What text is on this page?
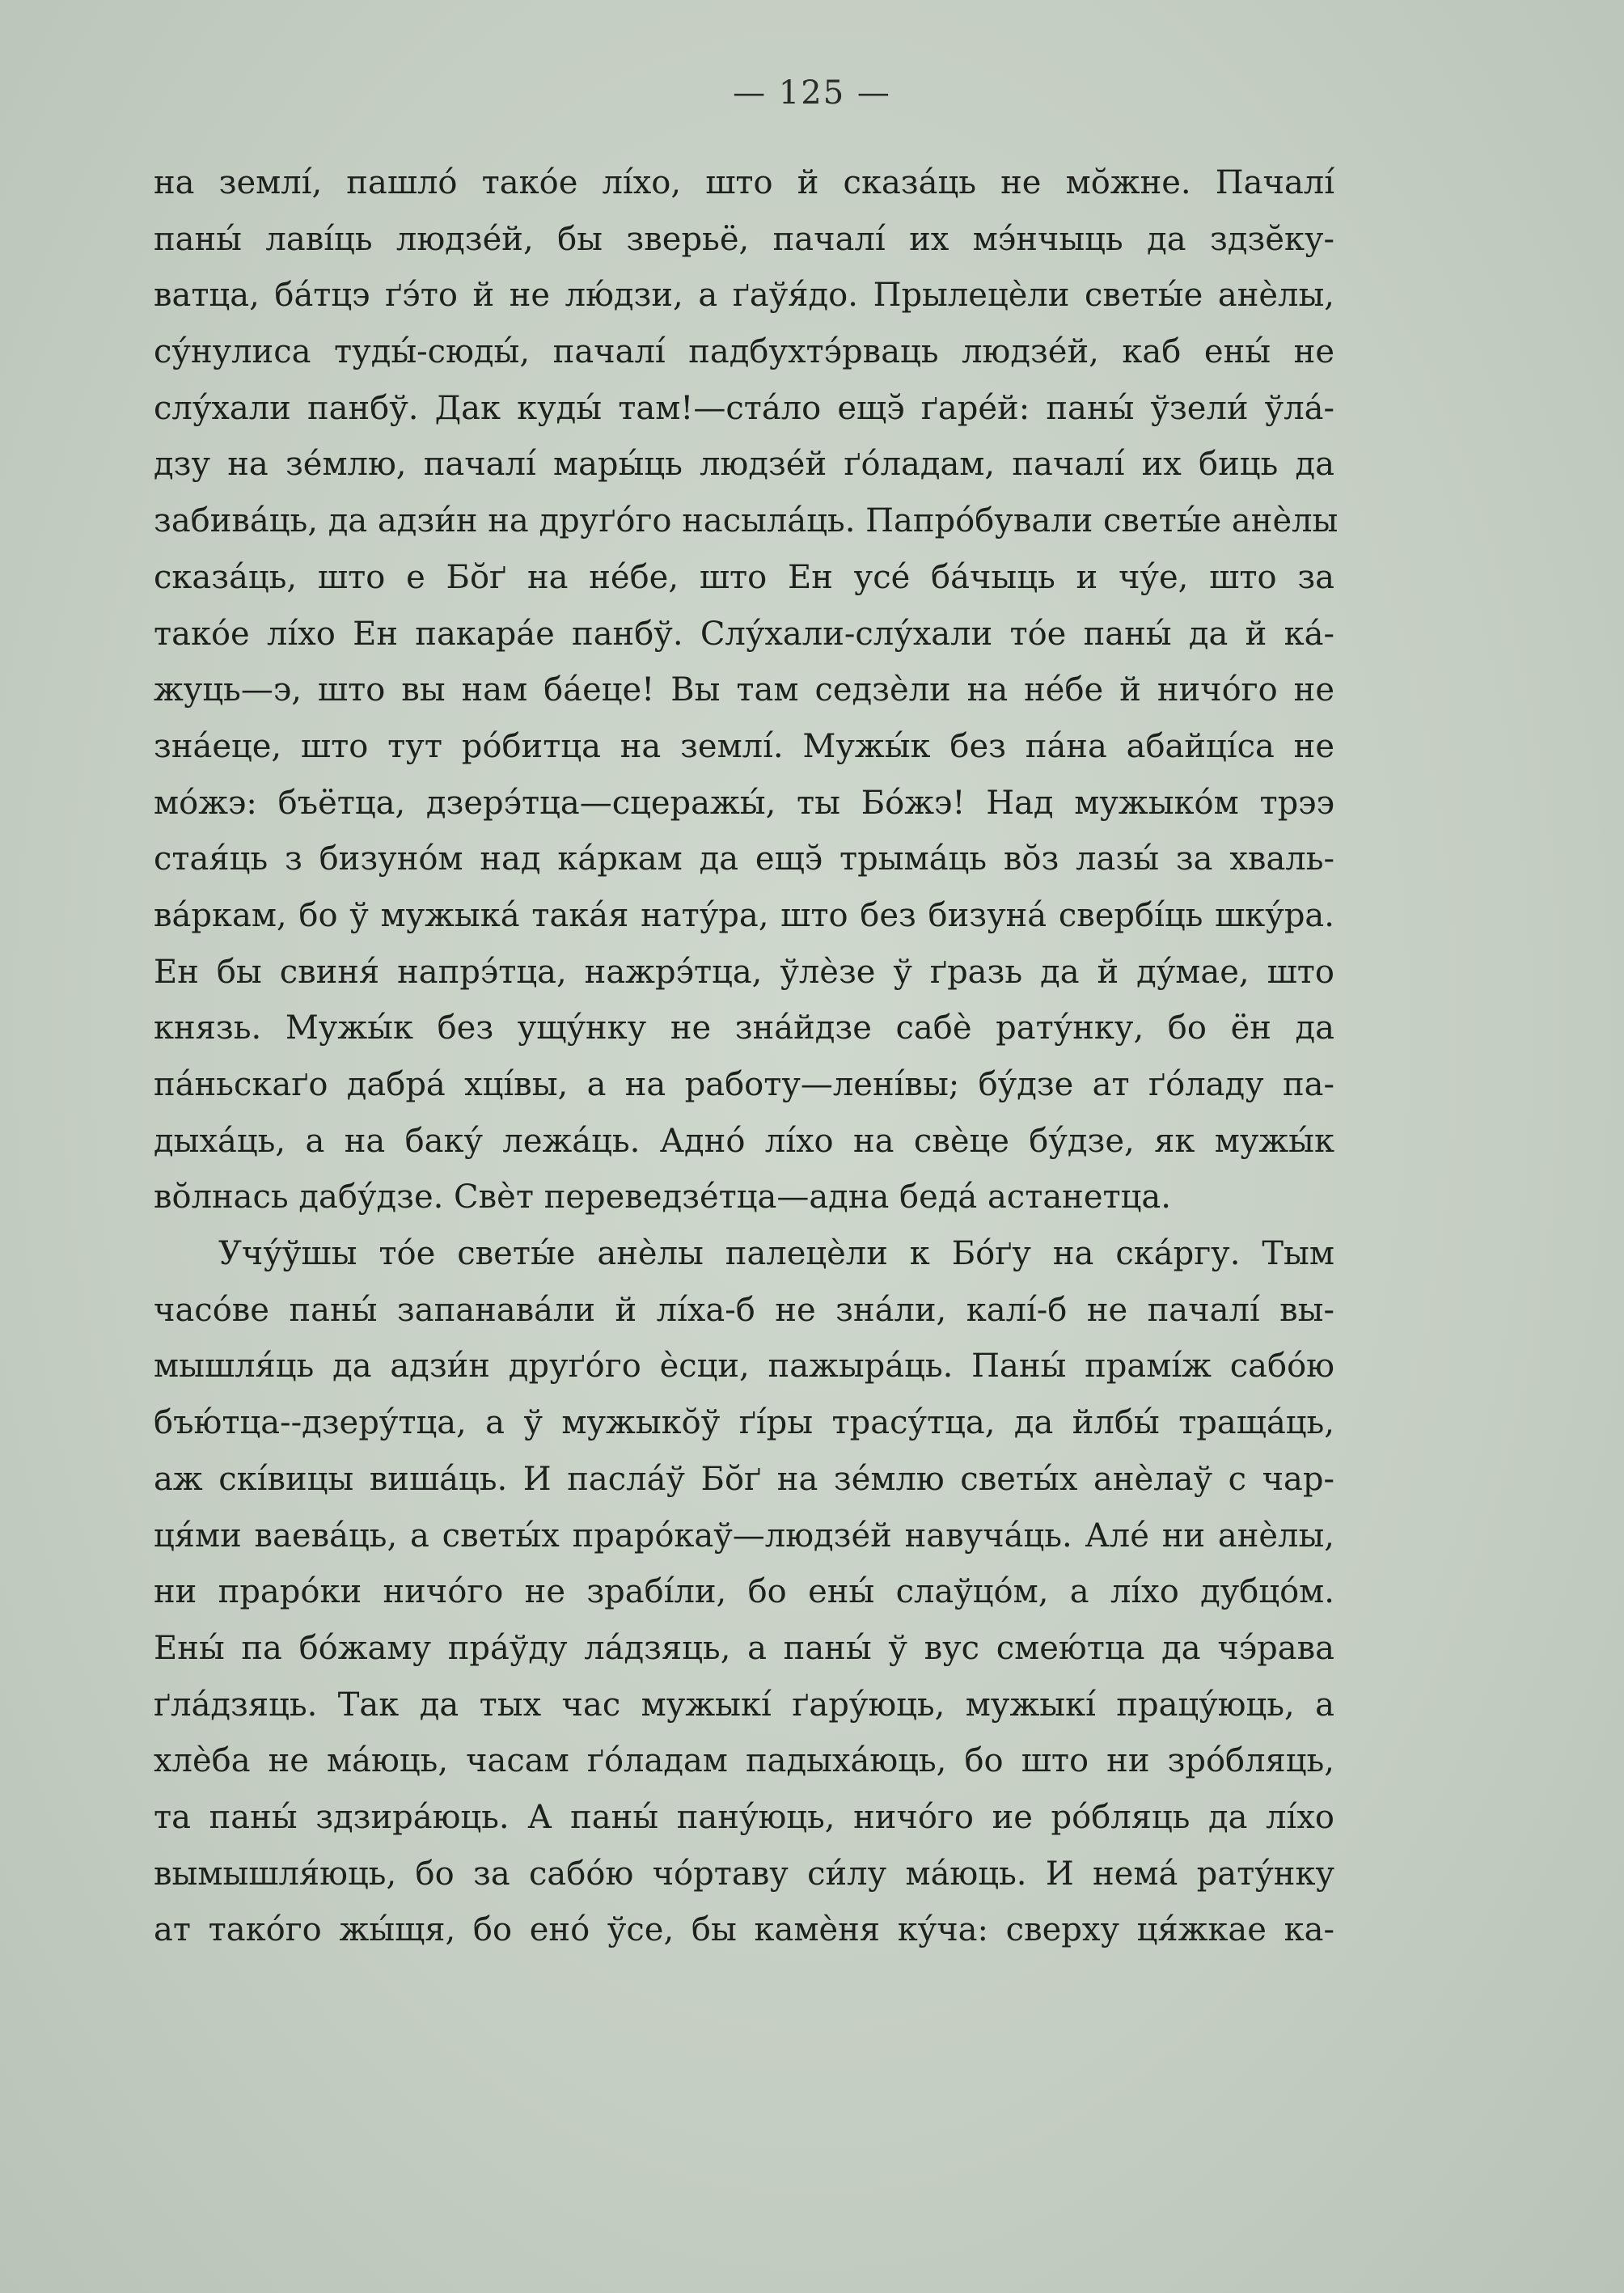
— 125 —
на землі́, пашло́ тако́е лі́хо, што й сказа́ць не мо̆жне. Пачалі́
паны́ лаві́ць людзе́й, бы зверьё, пачалі́ их мэ́нчыць да здзӗку-
ватца, ба́тцэ ґэ́то й не лю́дзи, а ґаўя́до. Прылецѐли светы́е анѐлы,
су́нулиса туды́-сюды́, пачалі́ падбухтэ́рваць людзе́й, каб ены́ не
слу́хали панбў. Дак куды́ там!—ста́ло ещэ̆ ґаре́й: паны́ ўзели́ ўла́-
дзу на зе́млю, пачалі́ мары́ць людзе́й ґо́ладам, пачалі́ их биць да
забива́ць, да адзи́н на друґо́го насыла́ць. Папро́бували светы́е анѐлы
сказа́ць, што е Бо̆ґ на не́бе, што Ен усе́ ба́чыць и чу́е, што за
тако́е лі́хо Ен пакара́е панбў. Слу́хали-слу́хали то́е паны́ да й ка́-
жуць—э, што вы нам ба́еце! Вы там седзѐли на не́бе й ничо́го не
зна́еце, што тут ро́битца на землі́. Мужы́к без па́на абайці́са не
мо́жэ: бъётца, дзерэ́тца—сцеражы́, ты Бо́жэ! Над мужыко́м трээ
стая́ць з бизуно́м над ка́ркам да ещэ̆ трыма́ць во̆з лазы́ за хваль-
ва́ркам, бо ў мужыка́ така́я нату́ра, што без бизуна́ свербі́ць шку́ра.
Ен бы свиня́ напрэ́тца, нажрэ́тца, ўлѐзе ў ґразь да й ду́мае, што
князь. Мужы́к без ущу́нку не зна́йдзе сабѐ рату́нку, бо ён да
па́ньскаґо дабра́ хці́вы, а на работу—лені́вы; бу́дзе ат ґо́ладу па-
дыха́ць, а на баку́ лежа́ць. Адно́ лі́хо на свѐце бу́дзе, як мужы́к
во̆лнась дабу́дзе. Свѐт переведзе́тца—адна беда́ астанетца.
Учу́ўшы то́е светы́е анѐлы палецѐли к Бо́ґу на ска́ргу. Тым
часо́ве паны́ запанава́ли й лі́ха-б не зна́ли, калі́-б не пачалі́ вы-
мышля́ць да адзи́н друґо́го ѐсци, пажыра́ць. Паны́ прамі́ж сабо́ю
бъю́тца--дзеру́тца, а ў мужыко̆ў ґі́ры трасу́тца, да йлбы́ траща́ць,
аж скі́вицы виша́ць. И пасла́ў Бо̆ґ на зе́млю светы́х анѐлаў с чар-
ця́ми ваева́ць, а светы́х праро́каў—людзе́й навуча́ць. Але́ ни анѐлы,
ни праро́ки ничо́го не зрабі́ли, бо ены́ слаўцо́м, а лі́хо дубцо́м.
Ены́ па бо́жаму пра́ўду ла́дзяць, а паны́ ў вус смею́тца да чэ́рава
ґла́дзяць. Так да тых час мужыкі́ ґару́юць, мужыкі́ працу́юць, а
хлѐба не ма́юць, часам ґо́ладам падыха́юць, бо што ни зро́бляць,
та паны́ здзира́юць. А паны́ пану́юць, ничо́го ие ро́бляць да лі́хо
вымышля́юць, бо за сабо́ю чо́ртаву си́лу ма́юць. И нема́ рату́нку
ат тако́го жы́щя, бо ено́ ўсе, бы камѐня ку́ча: сверху ця́жкае ка-
